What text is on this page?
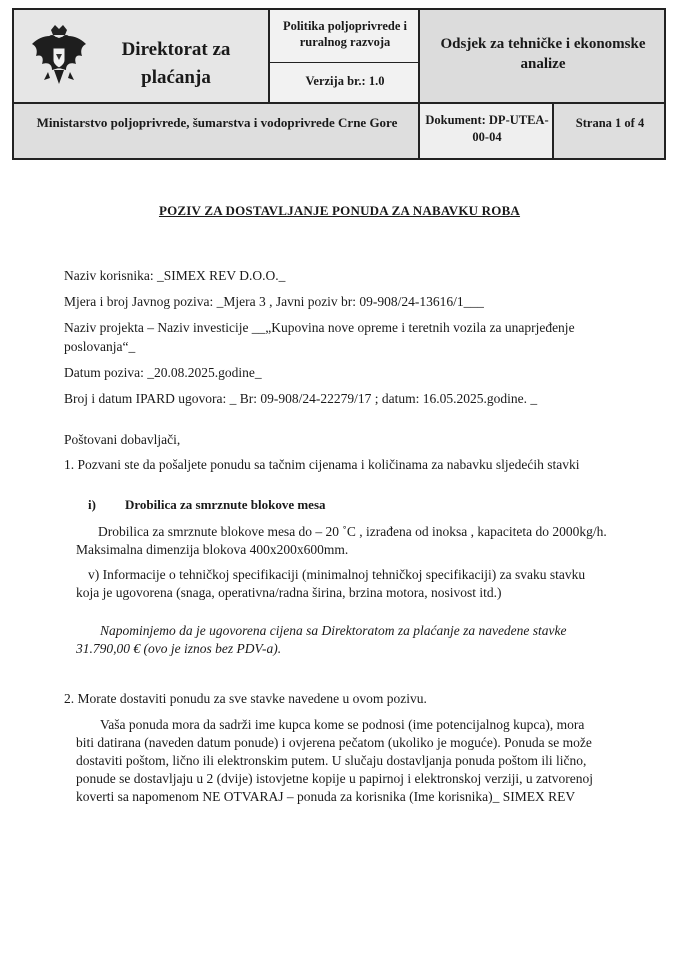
Direktorat za plaćanja
Politika poljoprivrede i ruralnog razvoja
Verzija br.: 1.0
Odsjek za tehničke i ekonomske analize
Ministarstvo poljoprivrede, šumarstva i vodoprivrede Crne Gore	Dokument: DP-UTEA-00-04
Strana 1 of 4
POZIV ZA DOSTAVLJANJE PONUDA ZA NABAVKU ROBA
Naziv korisnika: _SIMEX REV D.O.O._
Mjera i broj Javnog poziva: _Mjera 3 , Javni poziv br: 09-908/24-13616/1___
Naziv projekta – Naziv investicije __„Kupovina nove opreme i teretnih vozila za unaprjeđenje
poslovanja“_
Datum poziva: _20.08.2025.godine_
Broj i datum IPARD ugovora: _ Br: 09-908/24-22279/17 ; datum: 16.05.2025.godine. _
Poštovani dobavljači,
1. Pozvani ste da pošaljete ponudu sa tačnim cijenama i količinama za nabavku sljedećih stavki
i) Drobilica za smrznute blokove mesa
Drobilica za smrznute blokove mesa do – 20 ˚C , izrađena od inoksa , kapaciteta do 2000kg/h.
Maksimalna dimenzija blokova 400x200x600mm.
v) Informacije o tehničkoj specifikaciji (minimalnoj tehničkoj specifikaciji) za svaku stavku
koja je ugovorena (snaga, operativna/radna širina, brzina motora, nosivost itd.)
Napominjemo da je ugovorena cijena sa Direktoratom za plaćanje za navedene stavke
31.790,00 € (ovo je iznos bez PDV-a).
2. Morate dostaviti ponudu za sve stavke navedene u ovom pozivu.
Vaša ponuda mora da sadrži ime kupca kome se podnosi (ime potencijalnog kupca), mora
biti datirana (naveden datum ponude) i ovjerena pečatom (ukoliko je moguće). Ponuda se može
dostaviti poštom, lično ili elektronskim putem. U slučaju dostavljanja ponuda poštom ili lično,
ponude se dostavljaju u 2 (dvije) istovjetne kopije u papirnoj i elektronskoj verziji, u zatvorenoj
koverti sa napomenom NE OTVARAJ – ponuda za korisnika (Ime korisnika)_ SIMEX REV
